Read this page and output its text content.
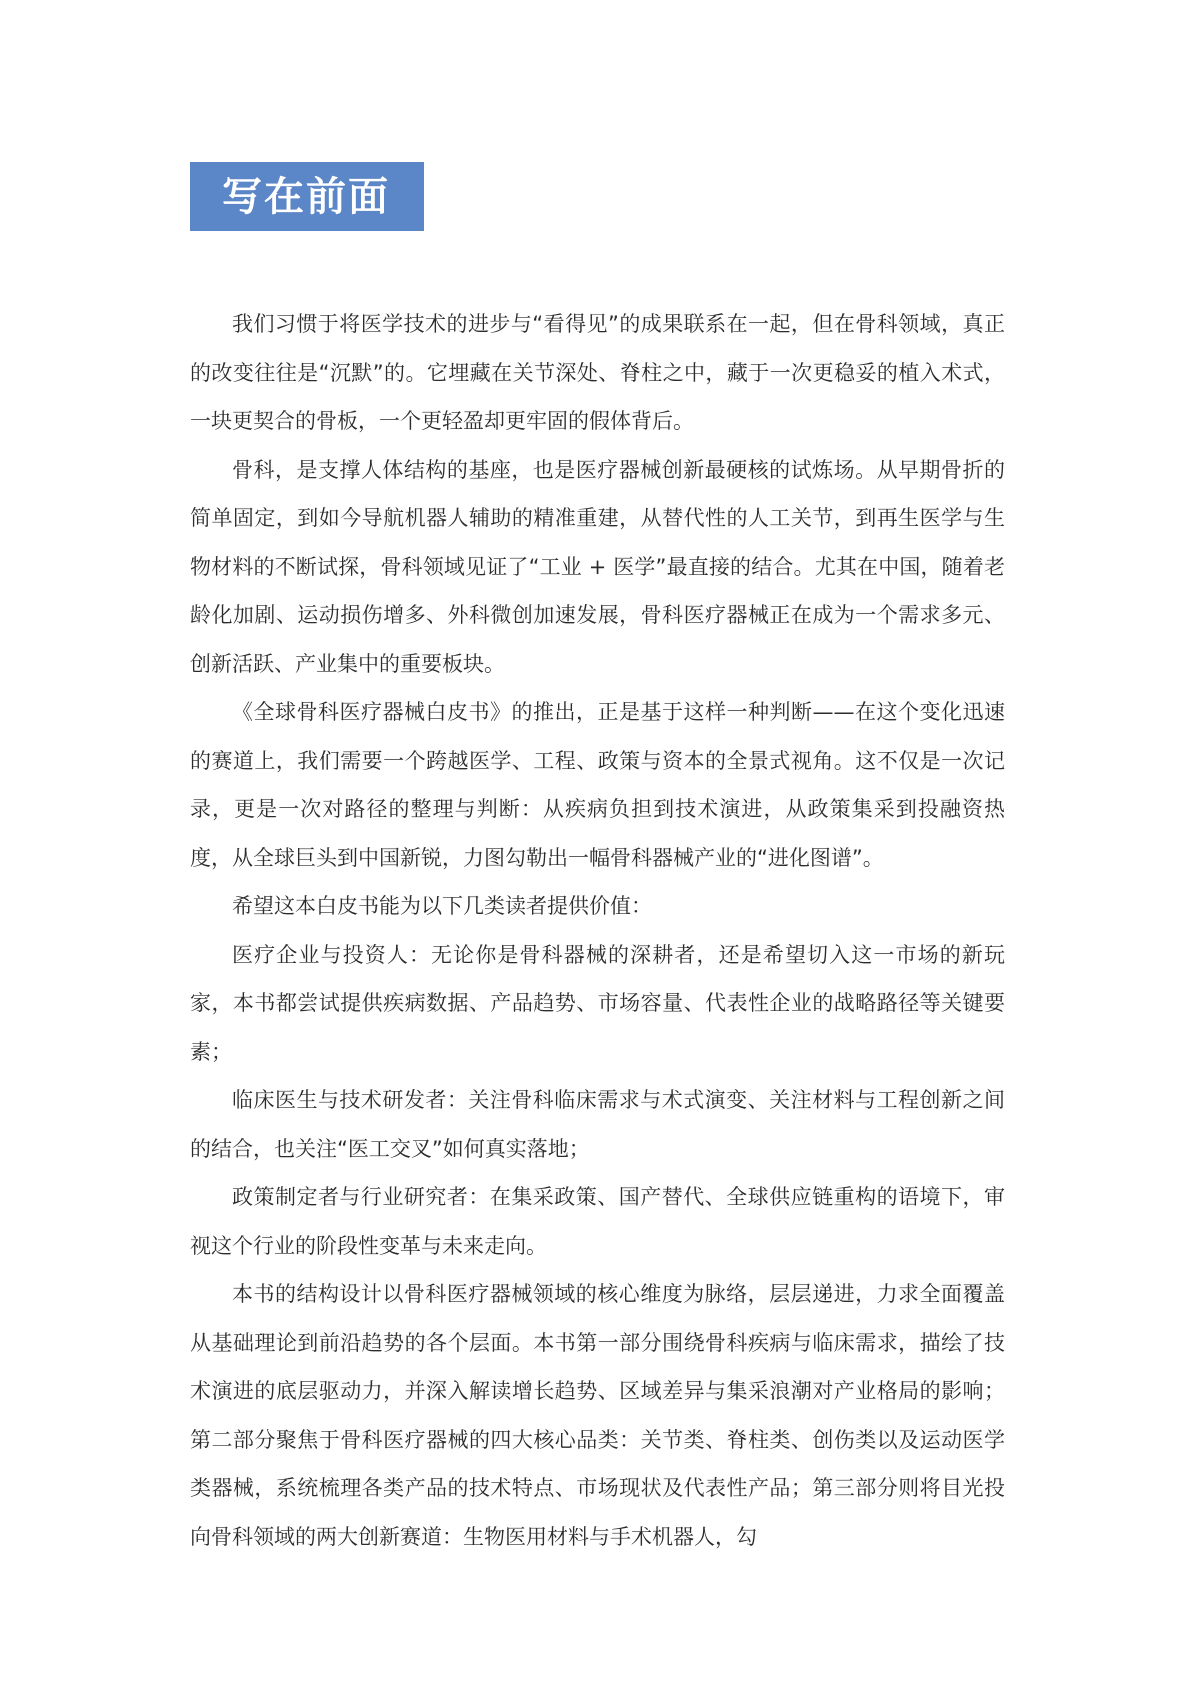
写在前面

我们习惯于将医学技术的进步与“看得见”的成果联系在一起，但在骨科领域，真正的改变往往是“沉默”的。它埋藏在关节深处、脊柱之中，藏于一次更稳妥的植入术式，一块更契合的骨板，一个更轻盈却更牢固的假体背后。

骨科，是支撑人体结构的基座，也是医疗器械创新最硬核的试炼场。从早期骨折的简单固定，到如今导航机器人辅助的精准重建，从替代性的人工关节，到再生医学与生物材料的不断试探，骨科领域见证了“工业 + 医学”最直接的结合。尤其在中国，随着老龄化加剧、运动损伤增多、外科微创加速发展，骨科医疗器械正在成为一个需求多元、创新活跃、产业集中的重要板块。

《全球骨科医疗器械白皮书》的推出，正是基于这样一种判断——在这个变化迅速的赛道上，我们需要一个跨越医学、工程、政策与资本的全景式视角。这不仅是一次记录，更是一次对路径的整理与判断：从疾病负担到技术演进，从政策集采到投融资热度，从全球巨头到中国新锐，力图勾勒出一幅骨科器械产业的“进化图谱”。

希望这本白皮书能为以下几类读者提供价值：

医疗企业与投资人：无论你是骨科器械的深耕者，还是希望切入这一市场的新玩家，本书都尝试提供疾病数据、产品趋势、市场容量、代表性企业的战略路径等关键要素；

临床医生与技术研发者：关注骨科临床需求与术式演变、关注材料与工程创新之间的结合，也关注“医工交叉”如何真实落地；

政策制定者与行业研究者：在集采政策、国产替代、全球供应链重构的语境下，审视这个行业的阶段性变革与未来走向。

本书的结构设计以骨科医疗器械领域的核心维度为脉络，层层递进，力求全面覆盖从基础理论到前沿趋势的各个层面。本书第一部分围绕骨科疾病与临床需求，描绘了技术演进的底层驱动力，并深入解读增长趋势、区域差异与集采浪潮对产业格局的影响；第二部分聚焦于骨科医疗器械的四大核心品类：关节类、脊柱类、创伤类以及运动医学类器械，系统梳理各类产品的技术特点、市场现状及代表性产品；第三部分则将目光投向骨科领域的两大创新赛道：生物医用材料与手术机器人，勾
